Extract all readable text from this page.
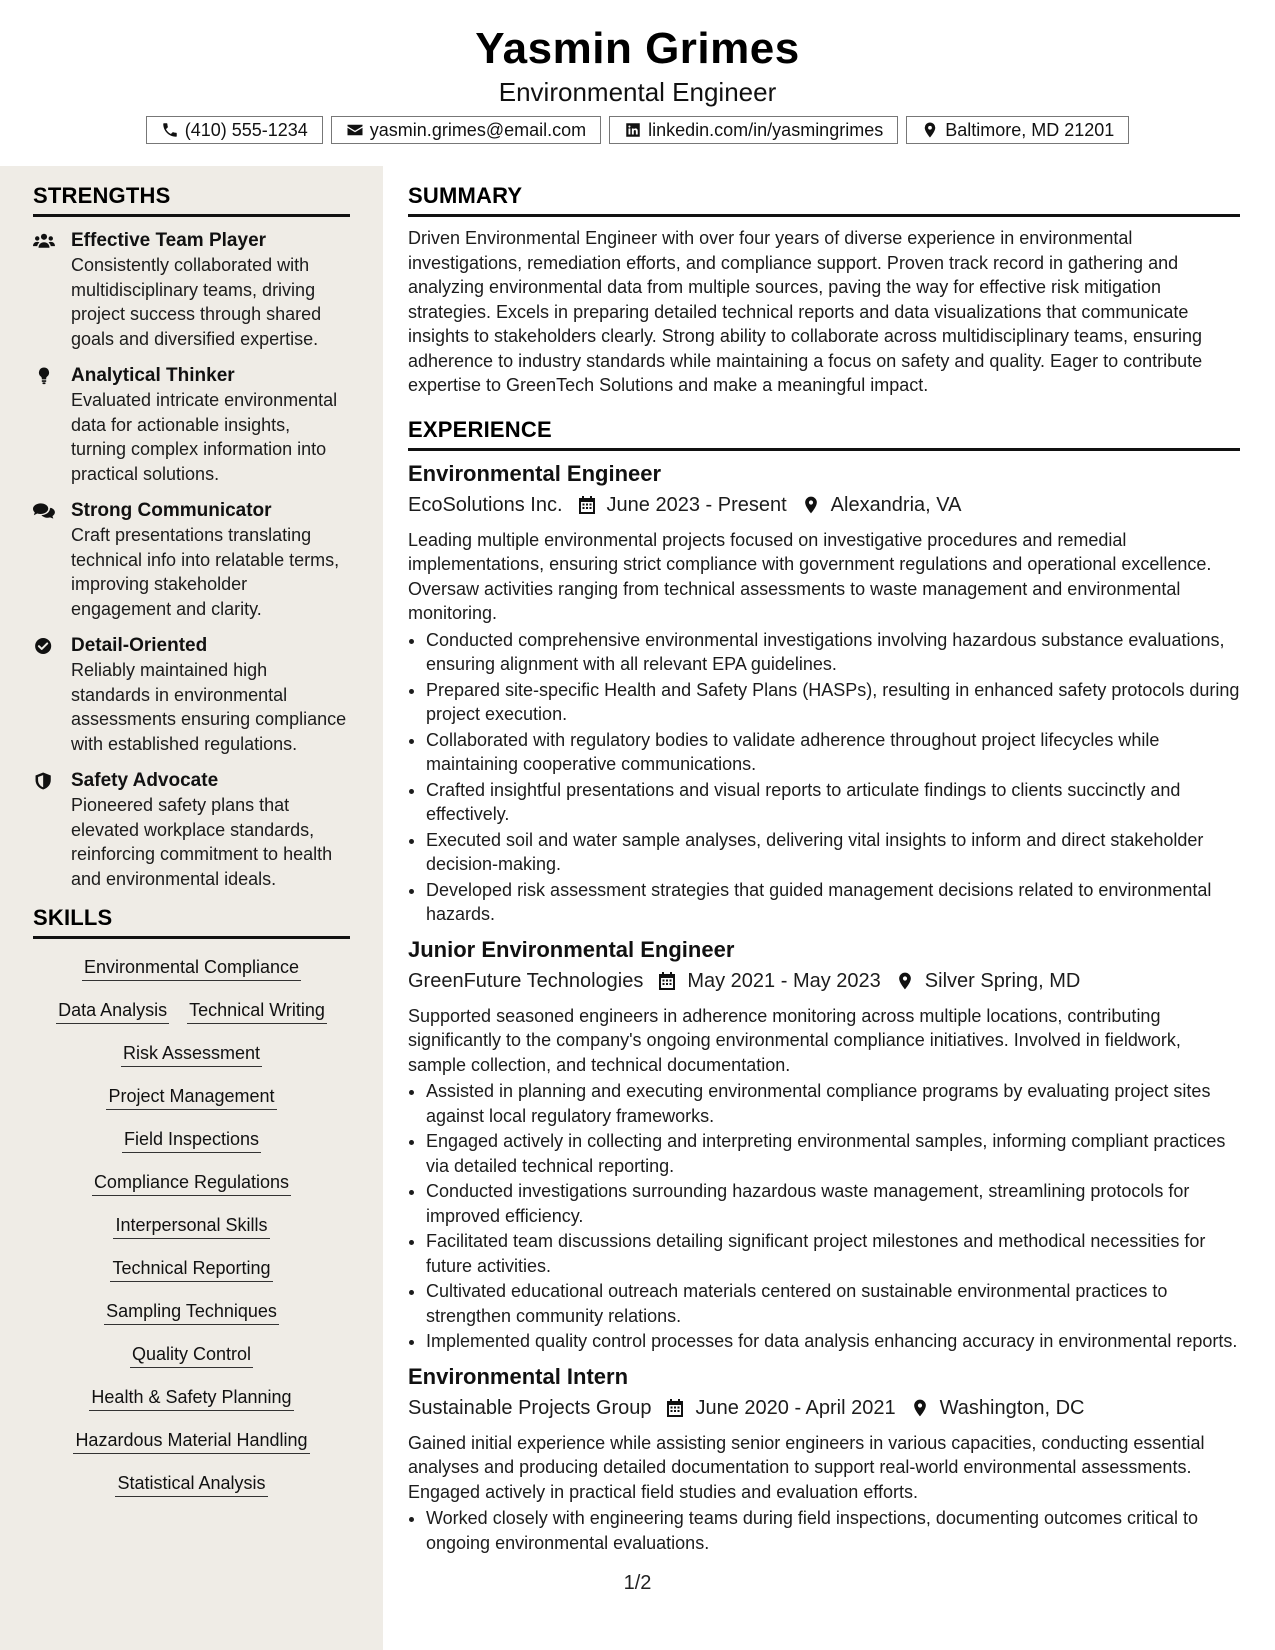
Yasmin Grimes
Environmental Engineer
(410) 555-1234	yasmin.grimes@email.com	linkedin.com/in/yasmingrimes	Baltimore, MD 21201
STRENGTHS
Effective Team Player
Consistently collaborated with multidisciplinary teams, driving project success through shared goals and diversified expertise.
Analytical Thinker
Evaluated intricate environmental data for actionable insights, turning complex information into practical solutions.
Strong Communicator
Craft presentations translating technical info into relatable terms, improving stakeholder engagement and clarity.
Detail-Oriented
Reliably maintained high standards in environmental assessments ensuring compliance with established regulations.
Safety Advocate
Pioneered safety plans that elevated workplace standards, reinforcing commitment to health and environmental ideals.
SKILLS
Environmental Compliance
Data Analysis Technical Writing
Risk Assessment
Project Management
Field Inspections
Compliance Regulations
Interpersonal Skills
Technical Reporting
Sampling Techniques
Quality Control
Health & Safety Planning
Hazardous Material Handling
Statistical Analysis
SUMMARY
Driven Environmental Engineer with over four years of diverse experience in environmental investigations, remediation efforts, and compliance support. Proven track record in gathering and analyzing environmental data from multiple sources, paving the way for effective risk mitigation strategies. Excels in preparing detailed technical reports and data visualizations that communicate insights to stakeholders clearly. Strong ability to collaborate across multidisciplinary teams, ensuring adherence to industry standards while maintaining a focus on safety and quality. Eager to contribute expertise to GreenTech Solutions and make a meaningful impact.
EXPERIENCE
Environmental Engineer
EcoSolutions Inc. June 2023 - Present Alexandria, VA
Leading multiple environmental projects focused on investigative procedures and remedial implementations, ensuring strict compliance with government regulations and operational excellence. Oversaw activities ranging from technical assessments to waste management and environmental monitoring.
• Conducted comprehensive environmental investigations involving hazardous substance evaluations, ensuring alignment with all relevant EPA guidelines.
• Prepared site-specific Health and Safety Plans (HASPs), resulting in enhanced safety protocols during project execution.
• Collaborated with regulatory bodies to validate adherence throughout project lifecycles while maintaining cooperative communications.
• Crafted insightful presentations and visual reports to articulate findings to clients succinctly and effectively.
• Executed soil and water sample analyses, delivering vital insights to inform and direct stakeholder decision-making.
• Developed risk assessment strategies that guided management decisions related to environmental hazards.
Junior Environmental Engineer
GreenFuture Technologies May 2021 - May 2023 Silver Spring, MD
Supported seasoned engineers in adherence monitoring across multiple locations, contributing significantly to the company's ongoing environmental compliance initiatives. Involved in fieldwork, sample collection, and technical documentation.
• Assisted in planning and executing environmental compliance programs by evaluating project sites against local regulatory frameworks.
• Engaged actively in collecting and interpreting environmental samples, informing compliant practices via detailed technical reporting.
• Conducted investigations surrounding hazardous waste management, streamlining protocols for improved efficiency.
• Facilitated team discussions detailing significant project milestones and methodical necessities for future activities.
• Cultivated educational outreach materials centered on sustainable environmental practices to strengthen community relations.
• Implemented quality control processes for data analysis enhancing accuracy in environmental reports.
Environmental Intern
Sustainable Projects Group June 2020 - April 2021 Washington, DC
Gained initial experience while assisting senior engineers in various capacities, conducting essential analyses and producing detailed documentation to support real-world environmental assessments. Engaged actively in practical field studies and evaluation efforts.
• Worked closely with engineering teams during field inspections, documenting outcomes critical to ongoing environmental evaluations.
1/2
